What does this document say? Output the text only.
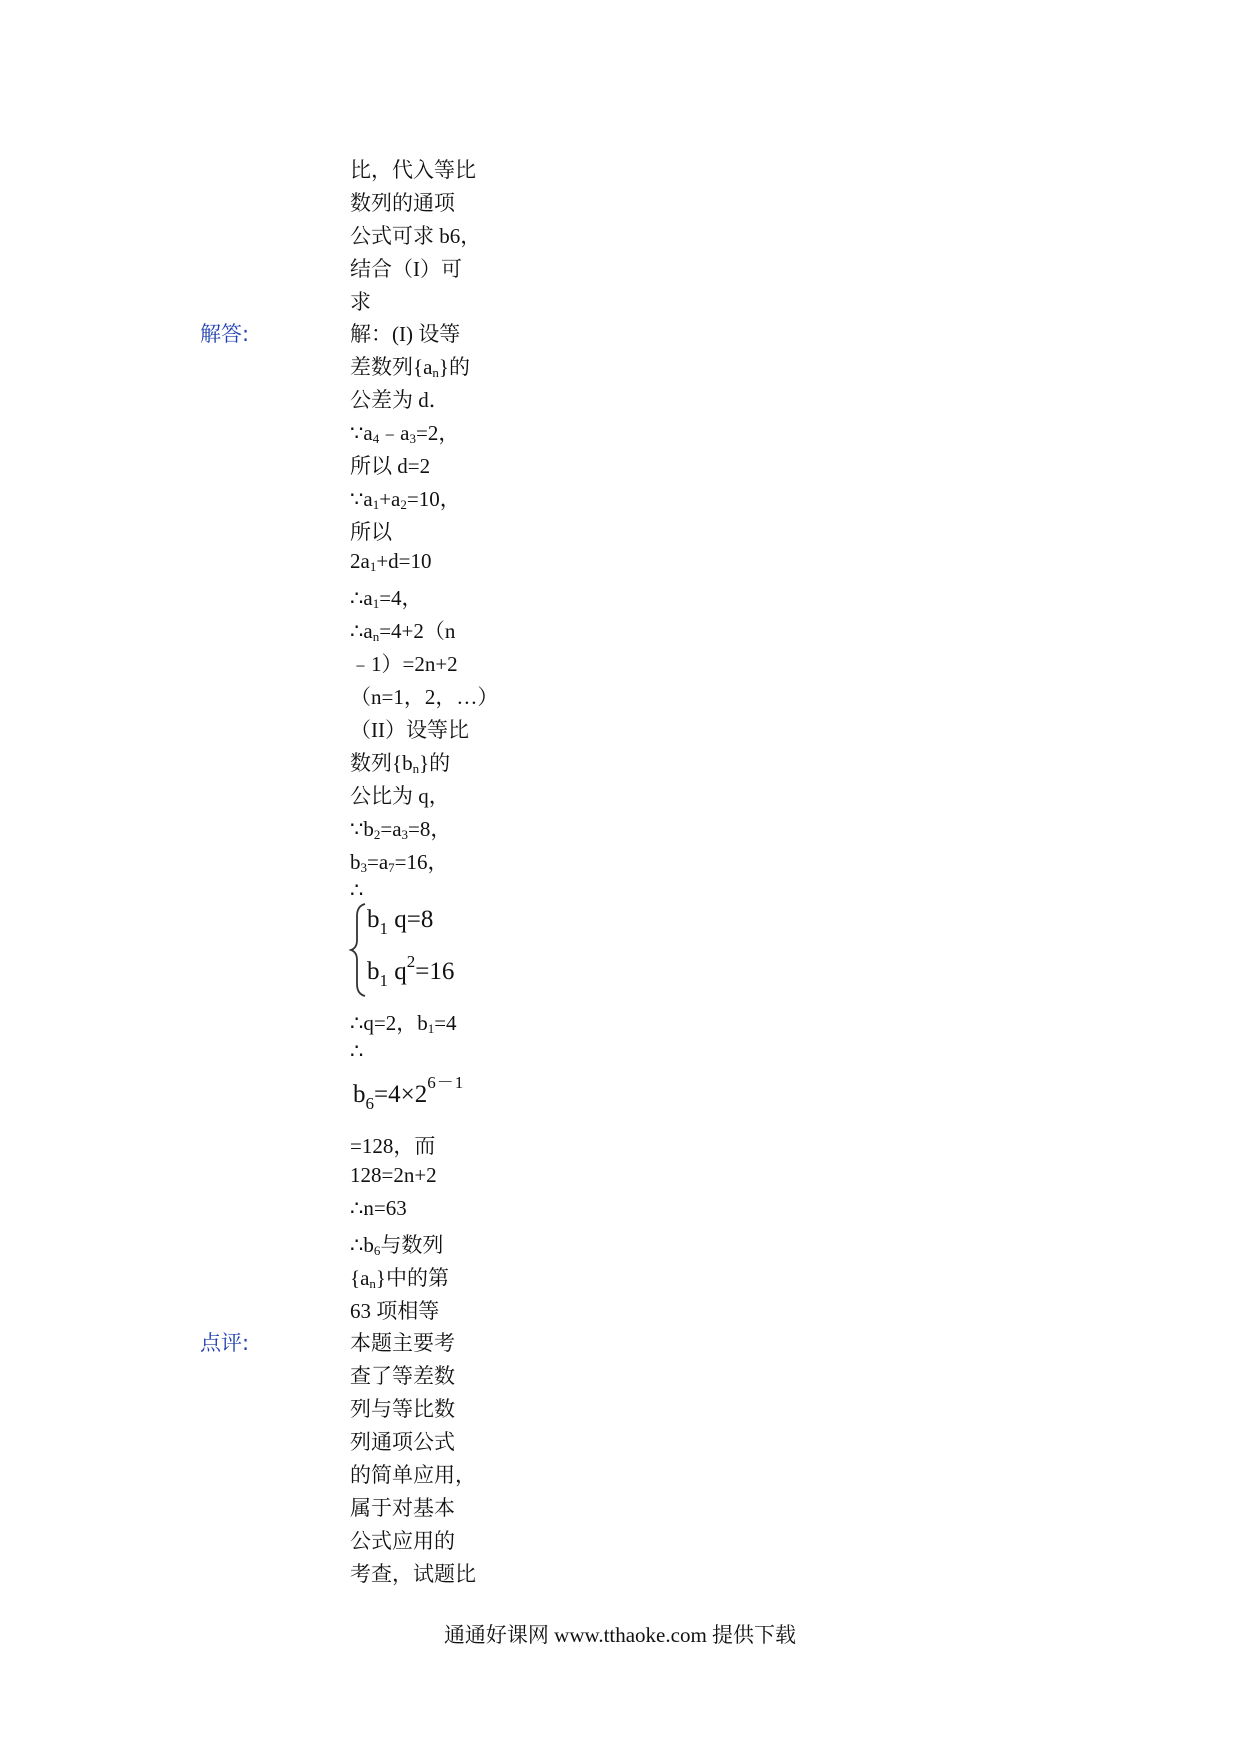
比，代入等比
数列的通项
公式可求 b6，
结合（I）可
求
解答:	解：(I) 设等
差数列$\{a_n\}$的
公差为 d．
$\because a_4﹣a_3=2$，
所以 d=2
$\because a_1+a_2=10$，
所以
$2a_1+d=10$
$\therefore a_1=4$，
$\therefore a_n=4+2(n$
﹣1）=2n+2
（n=1，2，…）
（II）设等比
数列$\{b_n\}$的
公比为 q，
$\because b_2=a_3=8$，
$b_3=a_7=16$，
∴
$b_1$ q=8
$b_1$ $q^2=16$
∴q=2，$b_1=4$
∴
$b_6=4\times 2^{6-1}$
=128，而
128=2n+2
∴n=63
$\therefore b_6$与数列
$\{a_n\}$中的第
63 项相等
点评:	本题主要考
查了等差数
列与等比数
列通项公式
的简单应用，
属于对基本
公式应用的
考查，试题比
通通好课网 www.tthaoke.com 提供下载
